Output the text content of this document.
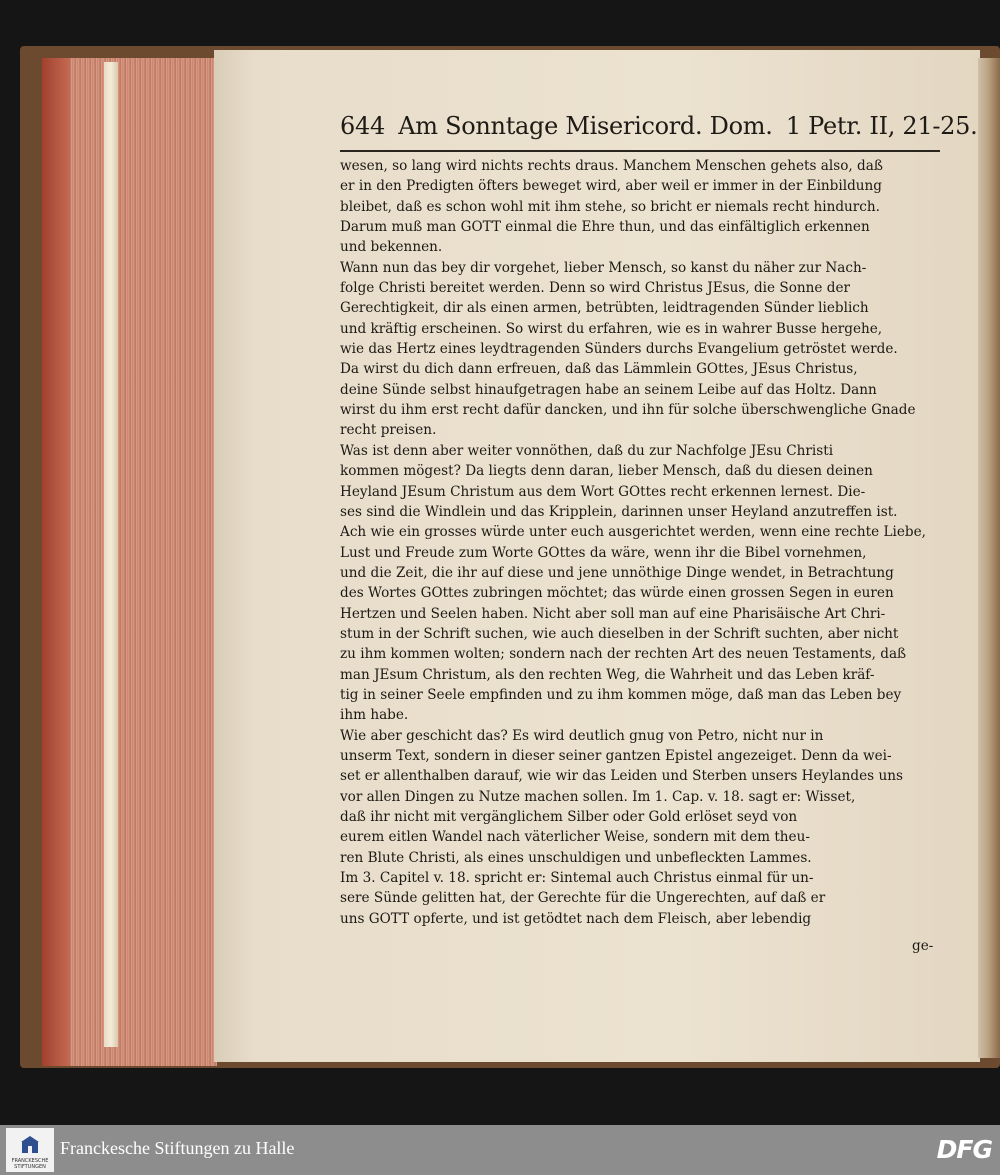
644 Am Sonntage Misericord. Dom. 1 Petr. II, 21-25.
wesen, so lang wird nichts rechts draus. Manchem Menschen gehets also, daß
er in den Predigten öfters beweget wird, aber weil er immer in der Einbildung
bleibet, daß es schon wohl mit ihm stehe, so bricht er niemals recht hindurch.
Darum muß man GOTT einmal die Ehre thun, und das einfältiglich erkennen
und bekennen.
Wann nun das bey dir vorgehet, lieber Mensch, so kanst du näher zur Nach-
folge Christi bereitet werden. Denn so wird Christus JEsus, die Sonne der
Gerechtigkeit, dir als einen armen, betrübten, leidtragenden Sünder lieblich
und kräftig erscheinen. So wirst du erfahren, wie es in wahrer Busse hergehe,
wie das Hertz eines leydtragenden Sünders durchs Evangelium getröstet werde.
Da wirst du dich dann erfreuen, daß das Lämmlein GOttes, JEsus Christus,
deine Sünde selbst hinaufgetragen habe an seinem Leibe auf das Holtz. Dann
wirst du ihm erst recht dafür dancken, und ihn für solche überschwengliche Gnade
recht preisen.
Was ist denn aber weiter vonnöthen, daß du zur Nachfolge JEsu Christi
kommen mögest? Da liegts denn daran, lieber Mensch, daß du diesen deinen
Heyland JEsum Christum aus dem Wort GOttes recht erkennen lernest. Die-
ses sind die Windlein und das Kripplein, darinnen unser Heyland anzutreffen ist.
Ach wie ein grosses würde unter euch ausgerichtet werden, wenn eine rechte Liebe,
Lust und Freude zum Worte GOttes da wäre, wenn ihr die Bibel vornehmen,
und die Zeit, die ihr auf diese und jene unnöthige Dinge wendet, in Betrachtung
des Wortes GOttes zubringen möchtet; das würde einen grossen Segen in euren
Hertzen und Seelen haben. Nicht aber soll man auf eine Pharisäische Art Chri-
stum in der Schrift suchen, wie auch dieselben in der Schrift suchten, aber nicht
zu ihm kommen wolten; sondern nach der rechten Art des neuen Testaments, daß
man JEsum Christum, als den rechten Weg, die Wahrheit und das Leben kräf-
tig in seiner Seele empfinden und zu ihm kommen möge, daß man das Leben bey
ihm habe.
Wie aber geschicht das? Es wird deutlich gnug von Petro, nicht nur in
unserm Text, sondern in dieser seiner gantzen Epistel angezeiget. Denn da wei-
set er allenthalben darauf, wie wir das Leiden und Sterben unsers Heylandes uns
vor allen Dingen zu Nutze machen sollen. Im 1. Cap. v. 18. sagt er: Wisset,
daß ihr nicht mit vergänglichem Silber oder Gold erlöset seyd von
eurem eitlen Wandel nach väterlicher Weise, sondern mit dem theu-
ren Blute Christi, als eines unschuldigen und unbefleckten Lammes.
Im 3. Capitel v. 18. spricht er: Sintemal auch Christus einmal für un-
sere Sünde gelitten hat, der Gerechte für die Ungerechten, auf daß er
uns GOTT opferte, und ist getödtet nach dem Fleisch, aber lebendig
ge-
FRANCKESCHE STIFTUNGEN
Franckesche Stiftungen zu Halle	DFG
